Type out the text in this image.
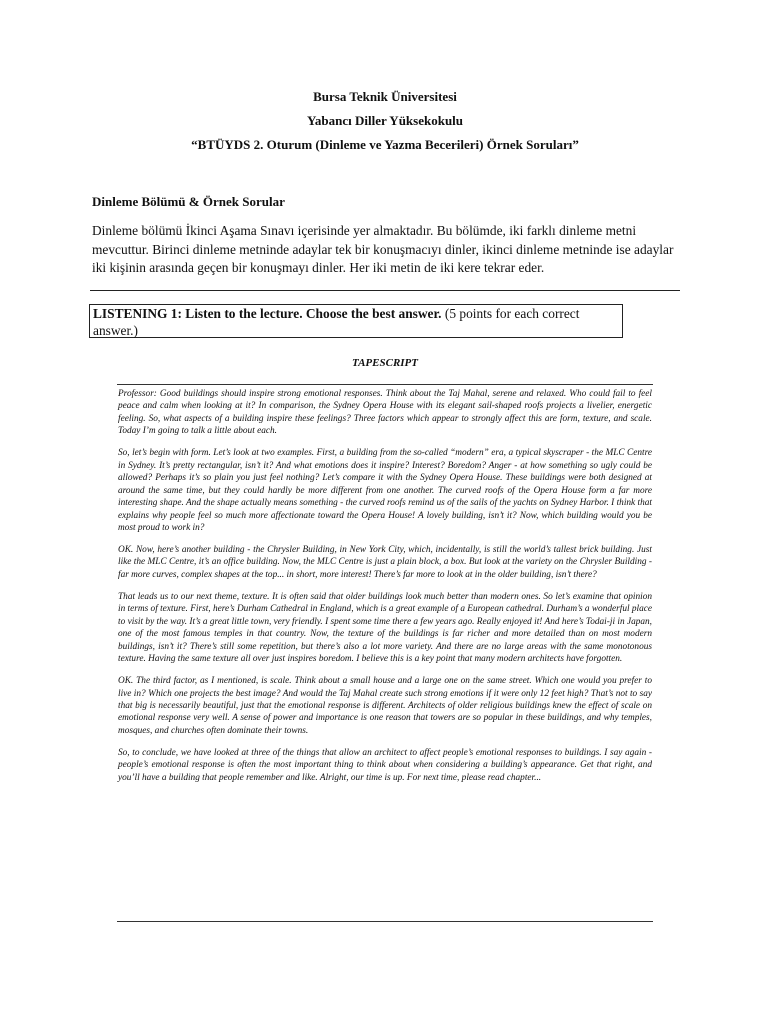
Bursa Teknik Üniversitesi
Yabancı Diller Yüksekokulu
“BTÜYDS 2. Oturum (Dinleme ve Yazma Becerileri) Örnek Soruları”
Dinleme Bölümü & Örnek Sorular
Dinleme bölümü İkinci Aşama Sınavı içerisinde yer almaktadır. Bu bölümde, iki farklı dinleme metni mevcuttur. Birinci dinleme metninde adaylar tek bir konuşmacıyı dinler, ikinci dinleme metninde ise adaylar iki kişinin arasında geçen bir konuşmayı dinler. Her iki metin de iki kere tekrar eder.
LISTENING 1: Listen to the lecture. Choose the best answer. (5 points for each correct answer.)
TAPESCRIPT

Professor: Good buildings should inspire strong emotional responses. Think about the Taj Mahal, serene and relaxed. Who could fail to feel peace and calm when looking at it? In comparison, the Sydney Opera House with its elegant sail-shaped roofs projects a livelier, energetic feeling. So, what aspects of a building inspire these feelings? Three factors which appear to strongly affect this are form, texture, and scale. Today I’m going to talk a little about each.

So, let’s begin with form. Let’s look at two examples. First, a building from the so-called “modern” era, a typical skyscraper - the MLC Centre in Sydney. It’s pretty rectangular, isn’t it? And what emotions does it inspire? Interest? Boredom? Anger - at how something so ugly could be allowed? Perhaps it’s so plain you just feel nothing? Let’s compare it with the Sydney Opera House. These buildings were both designed at around the same time, but they could hardly be more different from one another. The curved roofs of the Opera House form a far more interesting shape. And the shape actually means something - the curved roofs remind us of the sails of the yachts on Sydney Harbor. I think that explains why people feel so much more affectionate toward the Opera House! A lovely building, isn’t it? Now, which building would you be most proud to work in?

OK. Now, here’s another building - the Chrysler Building, in New York City, which, incidentally, is still the world’s tallest brick building. Just like the MLC Centre, it’s an office building. Now, the MLC Centre is just a plain block, a box. But look at the variety on the Chrysler Building - far more curves, complex shapes at the top... in short, more interest! There’s far more to look at in the older building, isn’t there?

That leads us to our next theme, texture. It is often said that older buildings look much better than modern ones. So let’s examine that opinion in terms of texture. First, here’s Durham Cathedral in England, which is a great example of a European cathedral. Durham’s a wonderful place to visit by the way. It’s a great little town, very friendly. I spent some time there a few years ago. Really enjoyed it! And here’s Todai-ji in Japan, one of the most famous temples in that country. Now, the texture of the buildings is far richer and more detailed than on most modern buildings, isn’t it? There’s still some repetition, but there’s also a lot more variety. And there are no large areas with the same monotonous texture. Having the same texture all over just inspires boredom. I believe this is a key point that many modern architects have forgotten.

OK. The third factor, as I mentioned, is scale. Think about a small house and a large one on the same street. Which one would you prefer to live in? Which one projects the best image? And would the Taj Mahal create such strong emotions if it were only 12 feet high? That’s not to say that big is necessarily beautiful, just that the emotional response is different. Architects of older religious buildings knew the effect of scale on emotional response very well. A sense of power and importance is one reason that towers are so popular in these buildings, and why temples, mosques, and churches often dominate their towns.

So, to conclude, we have looked at three of the things that allow an architect to affect people’s emotional responses to buildings. I say again - people’s emotional response is often the most important thing to think about when considering a building’s appearance. Get that right, and you’ll have a building that people remember and like. Alright, our time is up. For next time, please read chapter...
